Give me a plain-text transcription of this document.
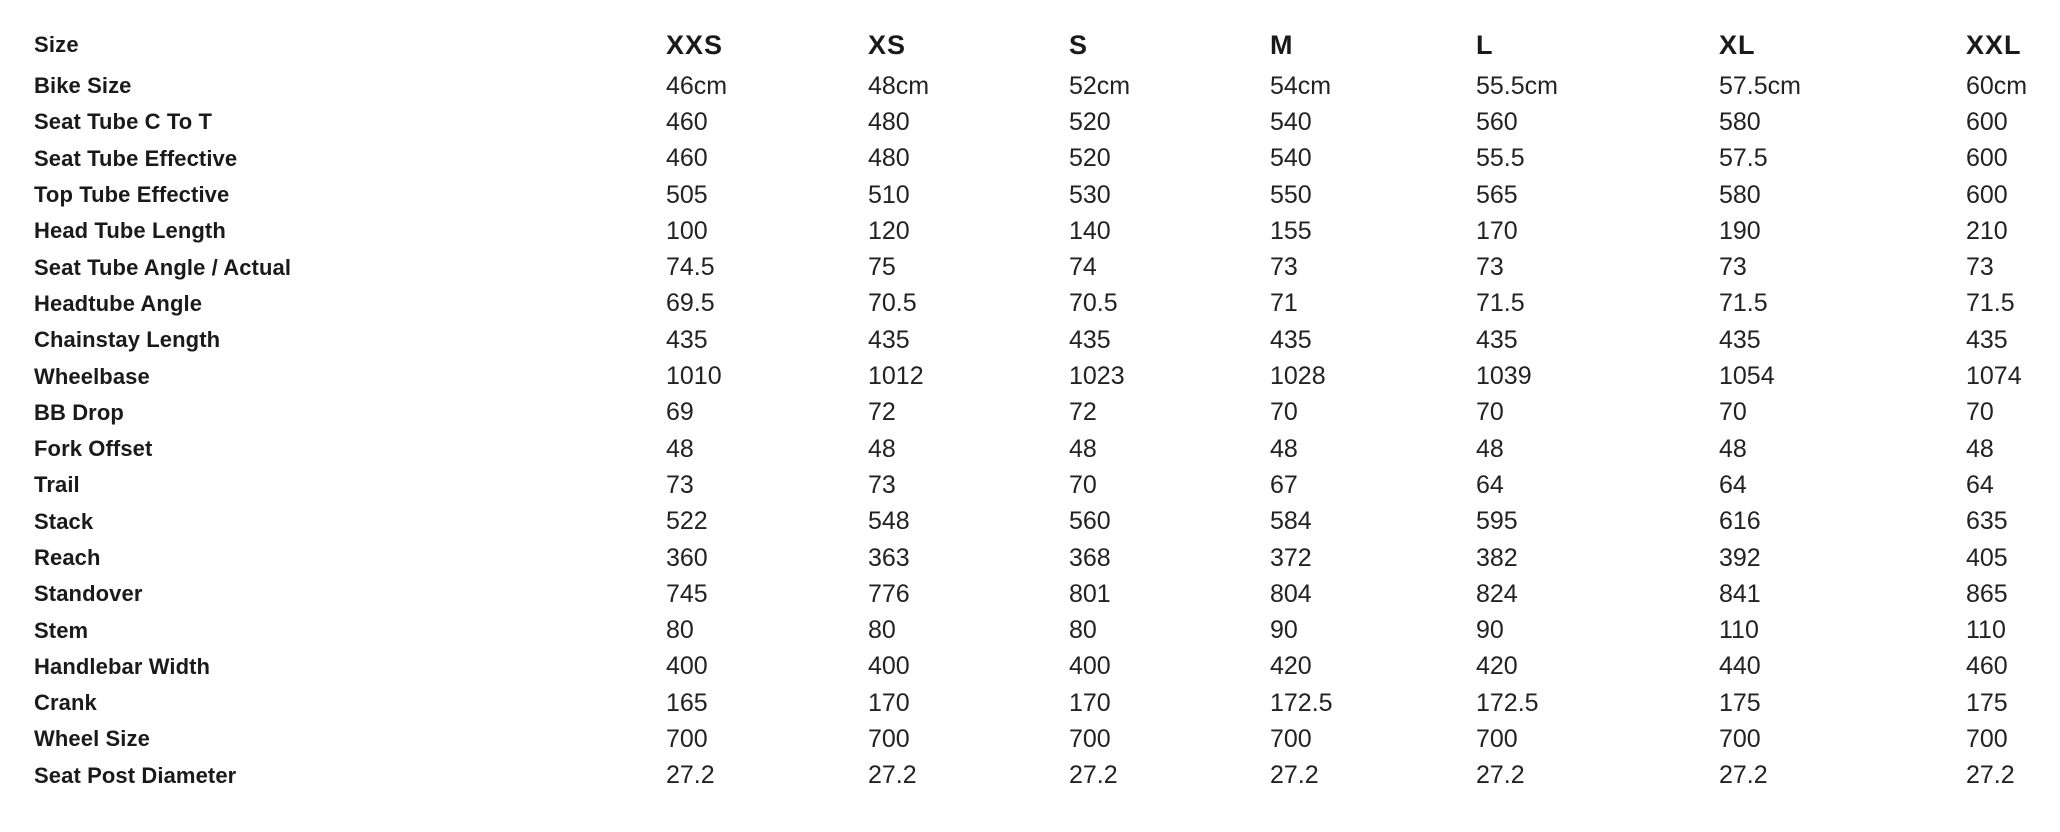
Size	XXS	XS	S	M	L	XL	XXL
Bike Size	46cm	48cm	52cm	54cm	55.5cm	57.5cm	60cm
Seat Tube C To T	460	480	520	540	560	580	600
Seat Tube Effective	460	480	520	540	55.5	57.5	600
Top Tube Effective	505	510	530	550	565	580	600
Head Tube Length	100	120	140	155	170	190	210
Seat Tube Angle / Actual	74.5	75	74	73	73	73	73
Headtube Angle	69.5	70.5	70.5	71	71.5	71.5	71.5
Chainstay Length	435	435	435	435	435	435	435
Wheelbase	1010	1012	1023	1028	1039	1054	1074
BB Drop	69	72	72	70	70	70	70
Fork Offset	48	48	48	48	48	48	48
Trail	73	73	70	67	64	64	64
Stack	522	548	560	584	595	616	635
Reach	360	363	368	372	382	392	405
Standover	745	776	801	804	824	841	865
Stem	80	80	80	90	90	110	110
Handlebar Width	400	400	400	420	420	440	460
Crank	165	170	170	172.5	172.5	175	175
Wheel Size	700	700	700	700	700	700	700
Seat Post Diameter	27.2	27.2	27.2	27.2	27.2	27.2	27.2
